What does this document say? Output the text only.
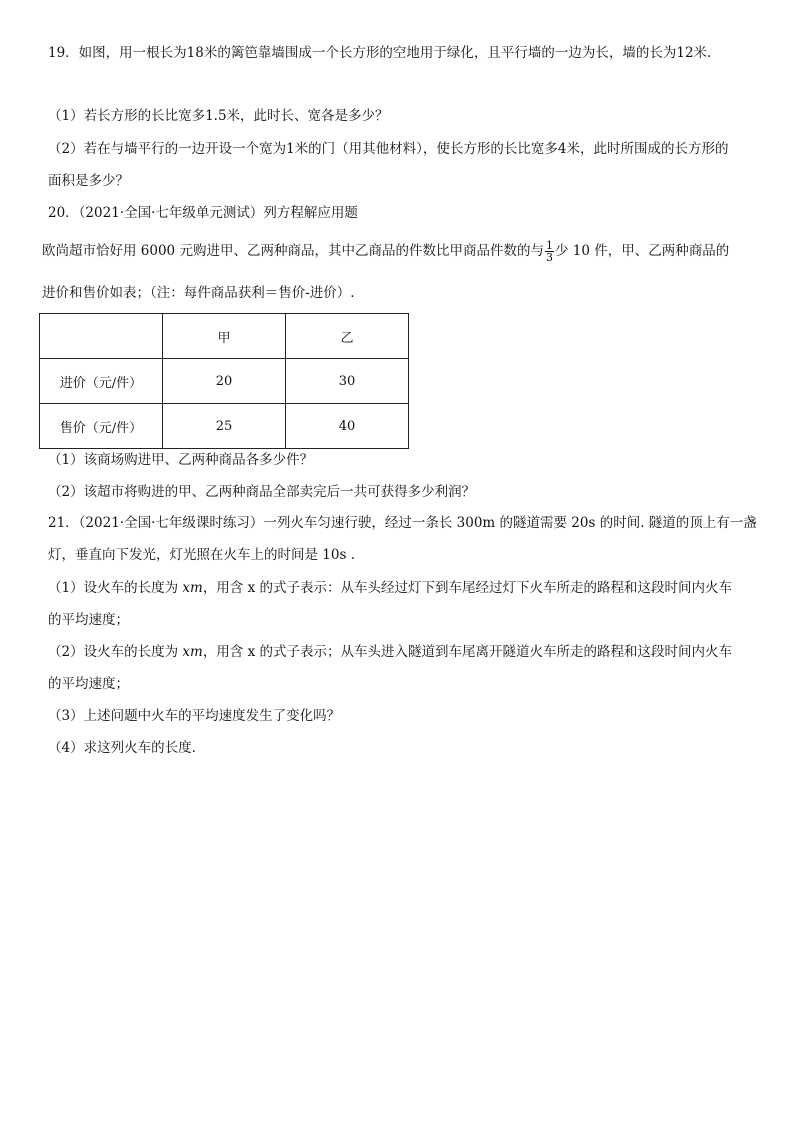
19．如图，用一根长为18米的篱笆靠墙围成一个长方形的空地用于绿化，且平行墙的一边为长，墙的长为12米.
（1）若长方形的长比宽多1.5米，此时长、宽各是多少？
（2）若在与墙平行的一边开设一个宽为1米的门（用其他材料），使长方形的长比宽多4米，此时所围成的长方形的
面积是多少？
20．（2021·全国·七年级单元测试）列方程解应用题
欧尚超市恰好用 6000 元购进甲、乙两种商品，其中乙商品的件数比甲商品件数的与 $\frac{1}{3}$ 少 10 件，甲、乙两种商品的
进价和售价如表；（注：每件商品获利＝售价-进价）.
	甲	乙
进价（元/件）	20	30
售价（元/件）	25	40
（1）该商场购进甲、乙两种商品各多少件？
（2）该超市将购进的甲、乙两种商品全部卖完后一共可获得多少利润？
21．（2021·全国·七年级课时练习）一列火车匀速行驶，经过一条长 300m 的隧道需要 20s 的时间. 隧道的顶上有一盏
灯，垂直向下发光，灯光照在火车上的时间是 10s .
（1）设火车的长度为 xm，用含 x 的式子表示：从车头经过灯下到车尾经过灯下火车所走的路程和这段时间内火车
的平均速度；
（2）设火车的长度为 xm，用含 x 的式子表示；从车头进入隧道到车尾离开隧道火车所走的路程和这段时间内火车
的平均速度；
（3）上述问题中火车的平均速度发生了变化吗？
（4）求这列火车的长度.
